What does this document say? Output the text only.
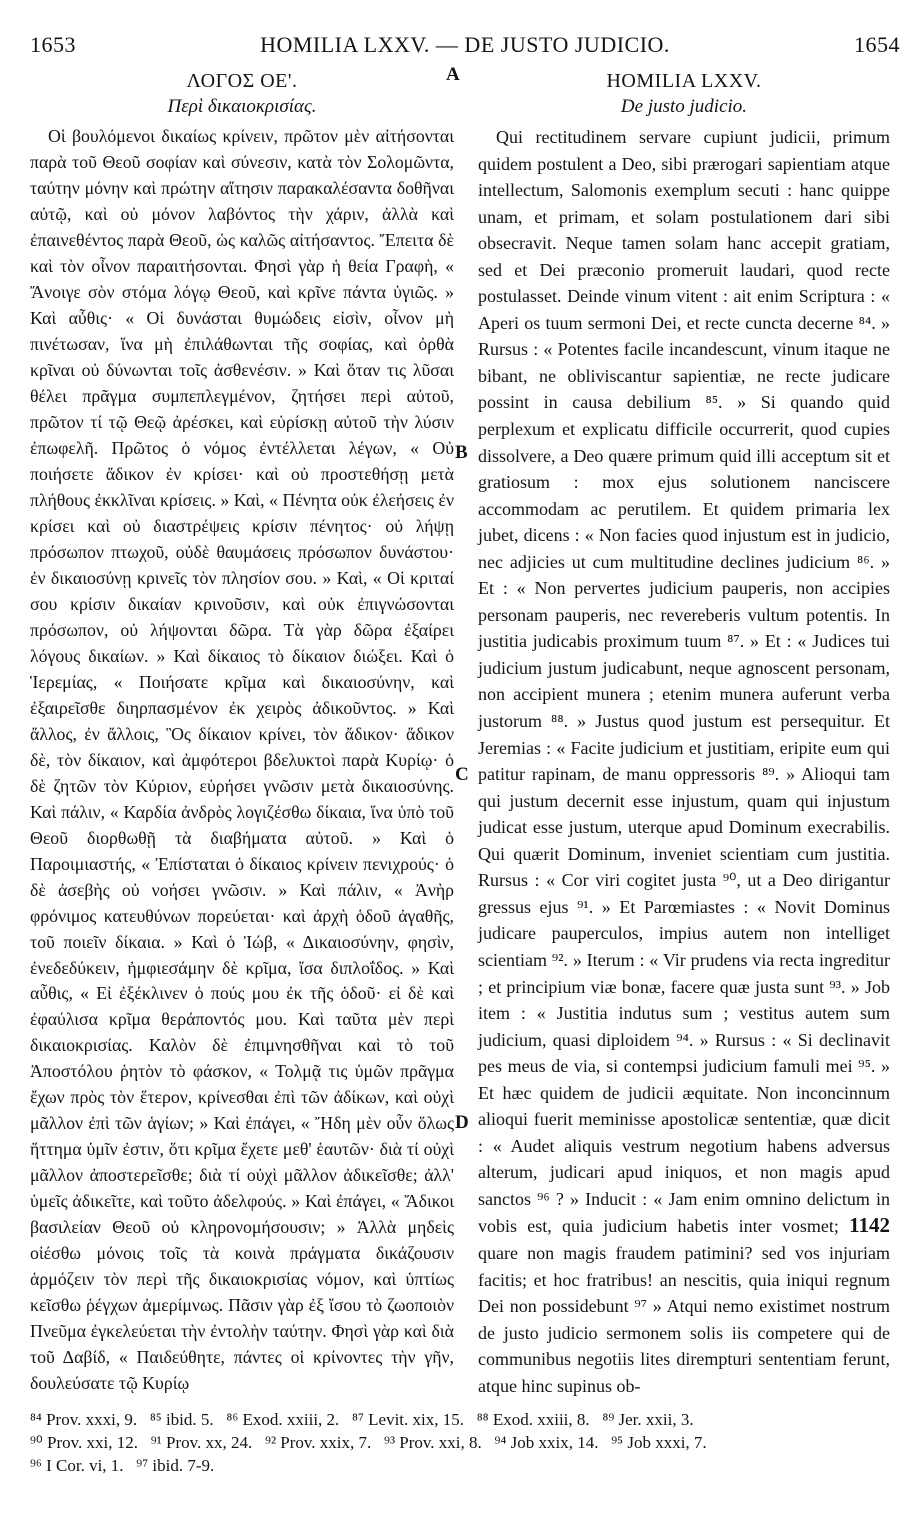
1653	HOMILIA LXXV. — DE JUSTO JUDICIO.	1654
A
B
C
D

ΛΟΓΟΣ ΟΕ'.

Περὶ δικαιοκρισίας.

Οἱ βουλόμενοι δικαίως κρίνειν, πρῶτον μὲν αἰτήσονται παρὰ τοῦ Θεοῦ σοφίαν καὶ σύνεσιν, κατὰ τὸν Σολομῶντα, ταύτην μόνην καὶ πρώτην αἴτησιν παρακαλέσαντα δοθῆναι αὐτῷ, καὶ οὐ μόνον λαβόντος τὴν χάριν, ἀλλὰ καὶ ἐπαινεθέντος παρὰ Θεοῦ, ὡς καλῶς αἰτήσαντος. Ἔπειτα δὲ καὶ τὸν οἶνον παραιτήσονται. Φησὶ γὰρ ἡ θεία Γραφὴ, « Ἄνοιγε σὸν στόμα λόγῳ Θεοῦ, καὶ κρῖνε πάντα ὑγιῶς. » Καὶ αὖθις· « Οἱ δυνάσται θυμώδεις εἰσὶν, οἶνον μὴ πινέτωσαν, ἵνα μὴ ἐπιλάθωνται τῆς σοφίας, καὶ ὀρθὰ κρῖναι οὐ δύνωνται τοῖς ἀσθενέσιν. » Καὶ ὅταν τις λῦσαι θέλει πρᾶγμα συμπεπλεγμένον, ζητήσει περὶ αὐτοῦ, πρῶτον τί τῷ Θεῷ ἀρέσκει, καὶ εὑρίσκῃ αὐτοῦ τὴν λύσιν ἐπωφελῆ. Πρῶτος ὁ νόμος ἐντέλλεται λέγων, « Οὐ ποιήσετε ἄδικον ἐν κρίσει· καὶ οὐ προστεθήσῃ μετὰ πλήθους ἐκκλῖναι κρίσεις. » Καὶ, « Πένητα οὐκ ἐλεήσεις ἐν κρίσει καὶ οὐ διαστρέψεις κρίσιν πένητος· οὐ λήψῃ πρόσωπον πτωχοῦ, οὐδὲ θαυμάσεις πρόσωπον δυνάστου· ἐν δικαιοσύνῃ κρινεῖς τὸν πλησίον σου. » Καὶ, « Οἱ κριταί σου κρίσιν δικαίαν κρινοῦσιν, καὶ οὐκ ἐπιγνώσονται πρόσωπον, οὐ λήψονται δῶρα. Τὰ γὰρ δῶρα ἐξαίρει λόγους δικαίων. » Καὶ δίκαιος τὸ δίκαιον διώξει. Καὶ ὁ Ἱερεμίας, « Ποιήσατε κρῖμα καὶ δικαιοσύνην, καὶ ἐξαιρεῖσθε διηρπασμένον ἐκ χειρὸς ἀδικοῦντος. » Καὶ ἄλλος, ἐν ἄλλοις, Ὃς δίκαιον κρίνει, τὸν ἄδικον· ἄδικον δὲ, τὸν δίκαιον, καὶ ἀμφότεροι βδελυκτοὶ παρὰ Κυρίῳ· ὁ δὲ ζητῶν τὸν Κύριον, εὑρήσει γνῶσιν μετὰ δικαιοσύνης. Καὶ πάλιν, « Καρδία ἀνδρὸς λογιζέσθω δίκαια, ἵνα ὑπὸ τοῦ Θεοῦ διορθωθῇ τὰ διαβήματα αὐτοῦ. » Καὶ ὁ Παροιμιαστής, « Ἐπίσταται ὁ δίκαιος κρίνειν πενιχρούς· ὁ δὲ ἀσεβὴς οὐ νοήσει γνῶσιν. » Καὶ πάλιν, « Ἀνὴρ φρόνιμος κατευθύνων πορεύεται· καὶ ἀρχὴ ὁδοῦ ἀγαθῆς, τοῦ ποιεῖν δίκαια. » Καὶ ὁ Ἰώβ, « Δικαιοσύνην, φησὶν, ἐνεδεδύκειν, ἠμφιεσάμην δὲ κρῖμα, ἴσα διπλοΐδος. » Καὶ αὖθις, « Εἰ ἐξέκλινεν ὁ πούς μου ἐκ τῆς ὁδοῦ· εἰ δὲ καὶ ἐφαύλισα κρῖμα θεράποντός μου. Καὶ ταῦτα μὲν περὶ δικαιοκρισίας. Καλὸν δὲ ἐπιμνησθῆναι καὶ τὸ τοῦ Ἀποστόλου ῥητὸν τὸ φάσκον, « Τολμᾷ τις ὑμῶν πρᾶγμα ἔχων πρὸς τὸν ἕτερον, κρίνεσθαι ἐπὶ τῶν ἀδίκων, καὶ οὐχὶ μᾶλλον ἐπὶ τῶν ἁγίων; » Καὶ ἐπάγει, « Ἤδη μὲν οὖν ὅλως ἥττημα ὑμῖν ἐστιν, ὅτι κρῖμα ἔχετε μεθ' ἑαυτῶν· διὰ τί οὐχὶ μᾶλλον ἀποστερεῖσθε; διὰ τί οὐχὶ μᾶλλον ἀδικεῖσθε; ἀλλ' ὑμεῖς ἀδικεῖτε, καὶ τοῦτο ἀδελφούς. » Καὶ ἐπάγει, « Ἄδικοι βασιλείαν Θεοῦ οὐ κληρονομήσουσιν; » Ἀλλὰ μηδεὶς οἰέσθω μόνοις τοῖς τὰ κοινὰ πράγματα δικάζουσιν ἁρμόζειν τὸν περὶ τῆς δικαιοκρισίας νόμον, καὶ ὑπτίως κεῖσθω ῥέγχων ἀμερίμνως. Πᾶσιν γὰρ ἐξ ἴσου τὸ ζωοποιὸν Πνεῦμα ἐγκελεύεται τὴν ἐντολὴν ταύτην. Φησὶ γὰρ καὶ διὰ τοῦ Δαβίδ, « Παιδεύθητε, πάντες οἱ κρίνοντες τὴν γῆν, δουλεύσατε τῷ Κυρίῳ

HOMILIA LXXV.

De justo judicio.

Qui rectitudinem servare cupiunt judicii, primum quidem postulent a Deo, sibi prærogari sapientiam atque intellectum, Salomonis exemplum secuti : hanc quippe unam, et primam, et solam postulationem dari sibi obsecravit. Neque tamen solam hanc accepit gratiam, sed et Dei præconio promeruit laudari, quod recte postulasset. Deinde vinum vitent : ait enim Scriptura : « Aperi os tuum sermoni Dei, et recte cuncta decerne ⁸⁴. » Rursus : « Potentes facile incandescunt, vinum itaque ne bibant, ne obliviscantur sapientiæ, ne recte judicare possint in causa debilium ⁸⁵. » Si quando quid perplexum et explicatu difficile occurrerit, quod cupies dissolvere, a Deo quære primum quid illi acceptum sit et gratiosum : mox ejus solutionem nanciscere accommodam ac perutilem. Et quidem primaria lex jubet, dicens : « Non facies quod injustum est in judicio, nec adjicies ut cum multitudine declines judicium ⁸⁶. » Et : « Non pervertes judicium pauperis, non accipies personam pauperis, nec revereberis vultum potentis. In justitia judicabis proximum tuum ⁸⁷. » Et : « Judices tui judicium justum judicabunt, neque agnoscent personam, non accipient munera ; etenim munera auferunt verba justorum ⁸⁸. » Justus quod justum est persequitur. Et Jeremias : « Facite judicium et justitiam, eripite eum qui patitur rapinam, de manu oppressoris ⁸⁹. » Alioqui tam qui justum decernit esse injustum, quam qui injustum judicat esse justum, uterque apud Dominum execrabilis. Qui quærit Dominum, inveniet scientiam cum justitia. Rursus : « Cor viri cogitet justa ⁹⁰, ut a Deo dirigantur gressus ejus ⁹¹. » Et Parœmiastes : « Novit Dominus judicare pauperculos, impius autem non intelliget scientiam ⁹². » Iterum : « Vir prudens via recta ingreditur ; et principium viæ bonæ, facere quæ justa sunt ⁹³. » Job item : « Justitia indutus sum ; vestitus autem sum judicium, quasi diploidem ⁹⁴. » Rursus : « Si declinavit pes meus de via, si contempsi judicium famuli mei ⁹⁵. » Et hæc quidem de judicii æquitate. Non inconcinnum alioqui fuerit meminisse apostolicæ sententiæ, quæ dicit : « Audet aliquis vestrum negotium habens adversus alterum, judicari apud iniquos, et non magis apud sanctos ⁹⁶ ? » Inducit : « Jam enim omnino delictum in vobis est, quia judicium habetis inter vosmet; 1142 quare non magis fraudem patimini? sed vos injuriam facitis; et hoc fratribus! an nescitis, quia iniqui regnum Dei non possidebunt ⁹⁷ » Atqui nemo existimet nostrum de justo judicio sermonem solis iis competere qui de communibus negotiis lites dirempturi sententiam ferunt, atque hinc supinus ob-

⁸⁴ Prov. xxxi, 9.   ⁸⁵ ibid. 5.   ⁸⁶ Exod. xxiii, 2.   ⁸⁷ Levit. xix, 15.   ⁸⁸ Exod. xxiii, 8.   ⁸⁹ Jer. xxii, 3.
⁹⁰ Prov. xxi, 12.   ⁹¹ Prov. xx, 24.   ⁹² Prov. xxix, 7.   ⁹³ Prov. xxi, 8.   ⁹⁴ Job xxix, 14.   ⁹⁵ Job xxxi, 7.
⁹⁶ I Cor. vi, 1.   ⁹⁷ ibid. 7-9.
